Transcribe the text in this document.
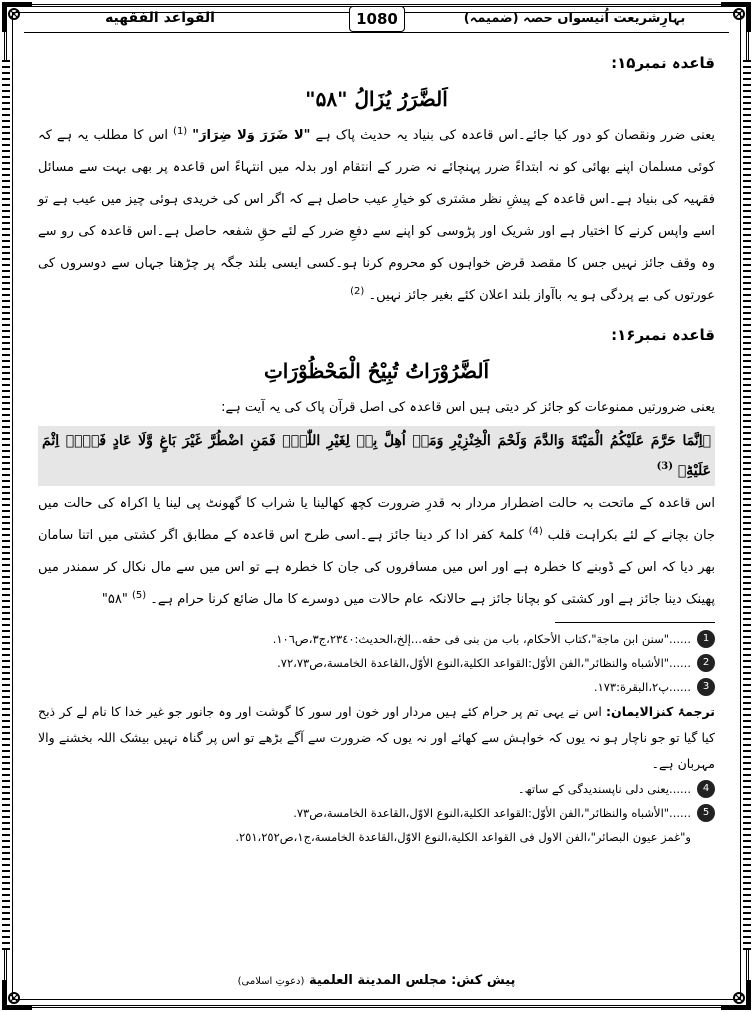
بہارِشریعت اُنیسواں حصہ (ضمیمہ)
1080
القواعد الفقهيه
قاعدہ نمبر۱۵:
اَلضَّرَرُ یُزَالُ "۵۸"

یعنی ضرر ونقصان کو دور کیا جائے۔اس قاعدہ کی بنیاد یہ حدیث پاک ہے "لا ضَرَرَ وَلا ضِرَارَ" (1) اس کا مطلب یہ ہے کہ کوئی مسلمان اپنے بھائی کو نہ ابتداءً ضرر پہنچائے نہ ضرر کے انتقام اور بدلہ میں انتہاءً اس قاعدہ پر بھی بہت سے مسائل فقہیہ کی بنیاد ہے۔اس قاعدہ کے پیشِ نظر مشتری کو خیارِ عیب حاصل ہے کہ اگر اس کی خریدی ہوئی چیز میں عیب ہے تو اسے واپس کرنے کا اختیار ہے اور شریک اور پڑوسی کو اپنے سے دفعِ ضرر کے لئے حقِ شفعہ حاصل ہے۔اس قاعدہ کی رو سے وہ وقف جائز نہیں جس کا مقصد قرض خواہوں کو محروم کرنا ہو۔کسی ایسی بلند جگہ پر چڑھنا جہاں سے دوسروں کی عورتوں کی بے پردگی ہو یہ باآواز بلند اعلان کئے بغیر جائز نہیں۔ (2)

قاعدہ نمبر۱۶:
اَلضَّرُوْرَاتُ تُبِيْحُ الْمَحْظُوْرَاتِ

یعنی ضرورتیں ممنوعات کو جائز کر دیتی ہیں اس قاعدہ کی اصل قرآن پاک کی یہ آیت ہے:
﴿اِنَّمَا حَرَّمَ عَلَیْكُمُ الْمَیْتَةَ وَالدَّمَ وَلَحْمَ الْخِنْزِیْرِ وَمَاۤ اُهِلَّ بِهٖ لِغَیْرِ اللّٰهِۚ فَمَنِ اضْطُرَّ غَیْرَ بَاغٍ وَّلَا عَادٍ فَلَاۤ اِثْمَ عَلَیْهِؕ﴾ (3)
اس قاعدہ کے ماتحت بہ حالت اضطرار مردار بہ قدرِ ضرورت کچھ کھالینا یا شراب کا گھونٹ پی لینا یا اکراہ کی حالت میں جان بچانے کے لئے بکراہت قلب (4) کلمۂ کفر ادا کر دینا جائز ہے۔اسی طرح اس قاعدہ کے مطابق اگر کشتی میں اتنا سامان بھر دیا کہ اس کے ڈوبنے کا خطرہ ہے اور اس میں مسافروں کی جان کا خطرہ ہے تو اس میں سے مال نکال کر سمندر میں پھینک دینا جائز ہے اور کشتی کو بچانا جائز ہے حالانکہ عام حالات میں دوسرے کا مال ضائع کرنا حرام ہے۔ (5) "۵۸"

1
......"سنن ابن ماجة"،كتاب الأحكام، باب من بنى فی حقه...إلخ،الحديث:٢٣٤٠،ج٣،ص١٠٦.
2
......"الأشباه والنظائر"،الفن الأوّل:القواعد الكلية،النوع الأوّل،القاعدة الخامسة،ص٧٢،٧٣.
3
......پ٢،البقرة:١٧٣.
ترجمۂ کنزالایمان: اس نے یہی تم پر حرام کئے ہیں مردار اور خون اور سور کا گوشت اور وہ جانور جو غیر خدا کا نام لے کر ذبح کیا گیا تو جو ناچار ہو نہ یوں کہ خواہش سے کھائے اور نہ یوں کہ ضرورت سے آگے بڑھے تو اس پر گناہ نہیں بیشک اللہ بخشنے والا مہربان ہے۔
4
......یعنی دلی ناپسندیدگی کے ساتھ۔
5
......"الأشباه والنظائر"،الفن الأوّل:القواعد الكلية،النوع الاوّل،القاعدة الخامسة،ص٧٣.
و"غمز عيون البصائر"،الفن الاول فی القواعد الكلية،النوع الاوّل،القاعدة الخامسة،ج١،ص٢٥١،٢٥٢.
پیش کش: مجلس المدينة العلمية (دعوتِ اسلامی)
